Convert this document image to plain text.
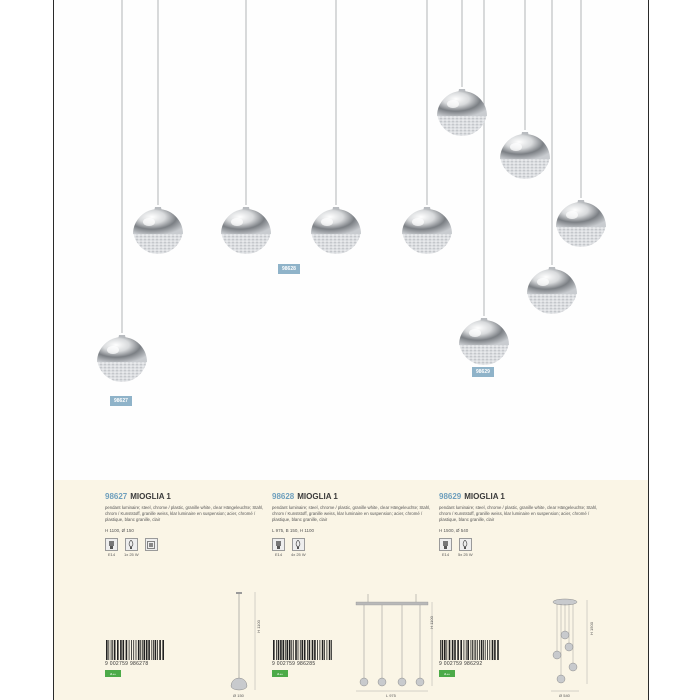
98627
98628
98629
98627 MIOGLIA 1
pendant luminaire; steel, chrome / plastic, granille white, clear Hängeleuchte; Stahl, chrom / Kunststoff, granille weiss, klar luminaire en suspension; acier, chromé / plastique, blanc granille, clair
H 1100, Ø 150
E14 1x 25 W
9 002759 986278
A++
H 1100
Ø 150
98628 MIOGLIA 1
pendant luminaire; steel, chrome / plastic, granille white, clear Hängeleuchte; Stahl, chrom / Kunststoff, granille weiss, klar luminaire en suspension; acier, chromé / plastique, blanc granille, clair
L 975, B 150, H 1100
E14 4x 25 W
9 002759 986285
A++
H 1100
L 975
98629 MIOGLIA 1
pendant luminaire; steel, chrome / plastic, granille white, clear Hängeleuchte; Stahl, chrom / Kunststoff, granille weiss, klar luminaire en suspension; acier, chromé / plastique, blanc granille, clair
H 1500, Ø 540
E14 5x 25 W
9 002759 986292
A++
H 1500
Ø 540
